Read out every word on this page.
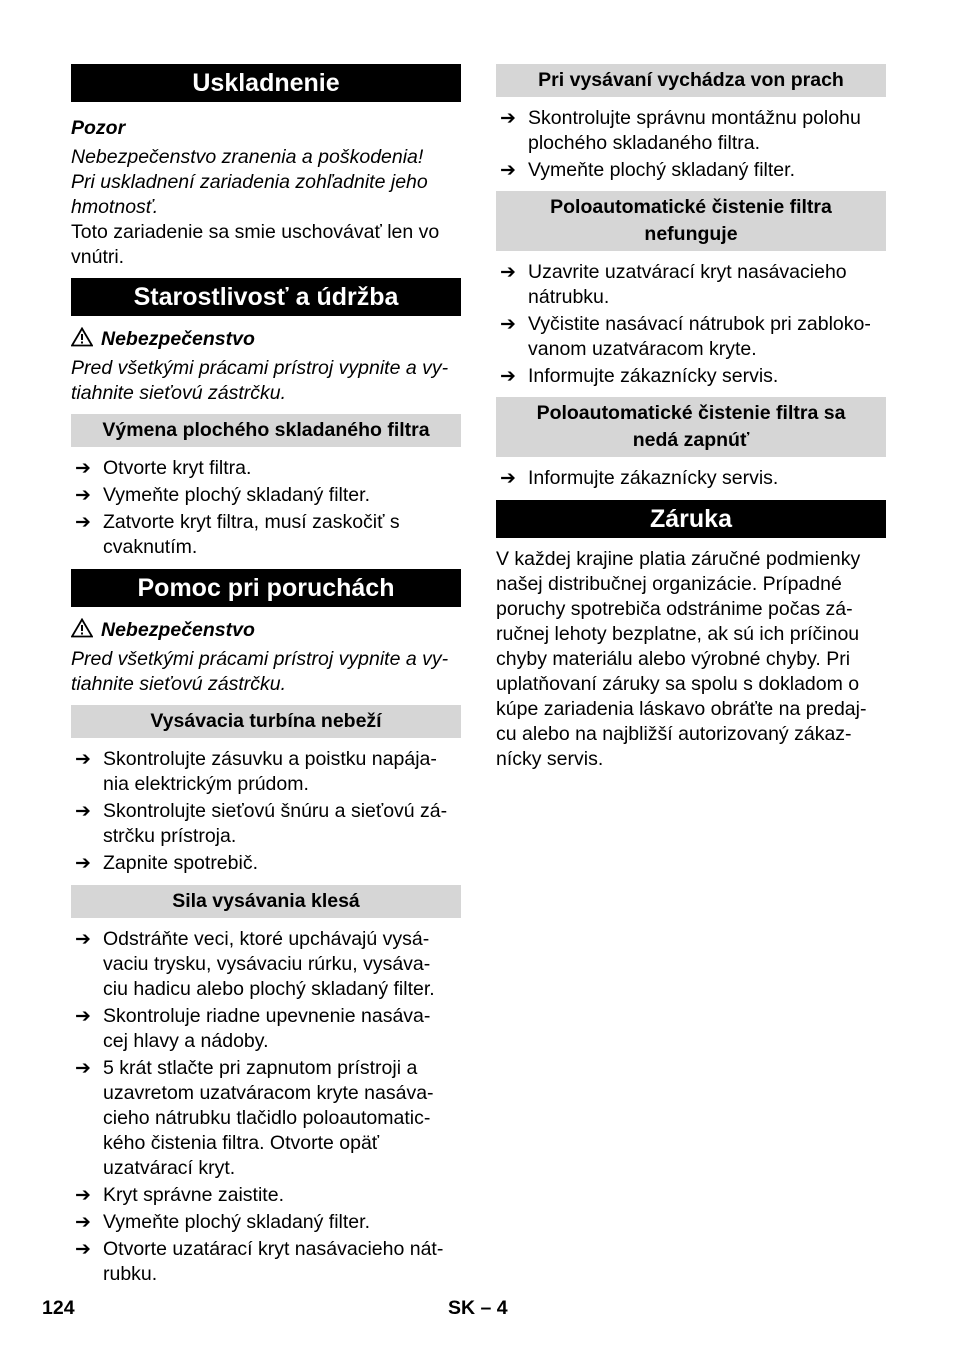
Uskladnenie

Pozor

Nebezpečenstvo zranenia a poškodenia!

Pri uskladnení zariadenia zohľadnite jeho

hmotnosť.

Toto zariadenie sa smie uschovávať len vo

vnútri.

Starostlivosť a údržba

Nebezpečenstvo

Pred všetkými prácami prístroj vypnite a vy-

tiahnite sieťovú zástrčku.

Výmena plochého skladaného filtra
➔ Otvorte kryt filtra.
➔ Vymeňte plochý skladaný filter.
➔ Zatvorte kryt filtra, musí zaskočiť s
cvaknutím.
Pomoc pri poruchách

Nebezpečenstvo

Pred všetkými prácami prístroj vypnite a vy-

tiahnite sieťovú zástrčku.

Vysávacia turbína nebeží
➔ Skontrolujte zásuvku a poistku napája-
nia elektrickým prúdom.
➔ Skontrolujte sieťovú šnúru a sieťovú zá-
strčku prístroja.
➔ Zapnite spotrebič.
Sila vysávania klesá
➔ Odstráňte veci, ktoré upchávajú vysá-
vaciu trysku, vysávaciu rúrku, vysáva-
ciu hadicu alebo plochý skladaný filter.
➔ Skontroluje riadne upevnenie nasáva-
cej hlavy a nádoby.
➔ 5 krát stlačte pri zapnutom prístroji a
uzavretom uzatváracom kryte nasáva-
cieho nátrubku tlačidlo poloautomatic-
kého čistenia filtra. Otvorte opäť
uzatvárací kryt.
➔ Kryt správne zaistite.
➔ Vymeňte plochý skladaný filter.
➔ Otvorte uzatárací kryt nasávacieho nát-
rubku.
Pri vysávaní vychádza von prach
➔ Skontrolujte správnu montážnu polohu
plochého skladaného filtra.
➔ Vymeňte plochý skladaný filter.
Poloautomatické čistenie filtra
nefunguje
➔ Uzavrite uzatvárací kryt nasávacieho
nátrubku.
➔ Vyčistite nasávací nátrubok pri zabloko-
vanom uzatváracom kryte.
➔ Informujte zákaznícky servis.
Poloautomatické čistenie filtra sa
nedá zapnúť
➔ Informujte zákaznícky servis.
Záruka

V každej krajine platia záručné podmienky

našej distribučnej organizácie. Prípadné

poruchy spotrebiča odstránime počas zá-

ručnej lehoty bezplatne, ak sú ich príčinou

chyby materiálu alebo výrobné chyby. Pri

uplatňovaní záruky sa spolu s dokladom o

kúpe zariadenia láskavo obráťte na predaj-

cu alebo na najbližší autorizovaný zákaz-

nícky servis.

124	SK – 4
